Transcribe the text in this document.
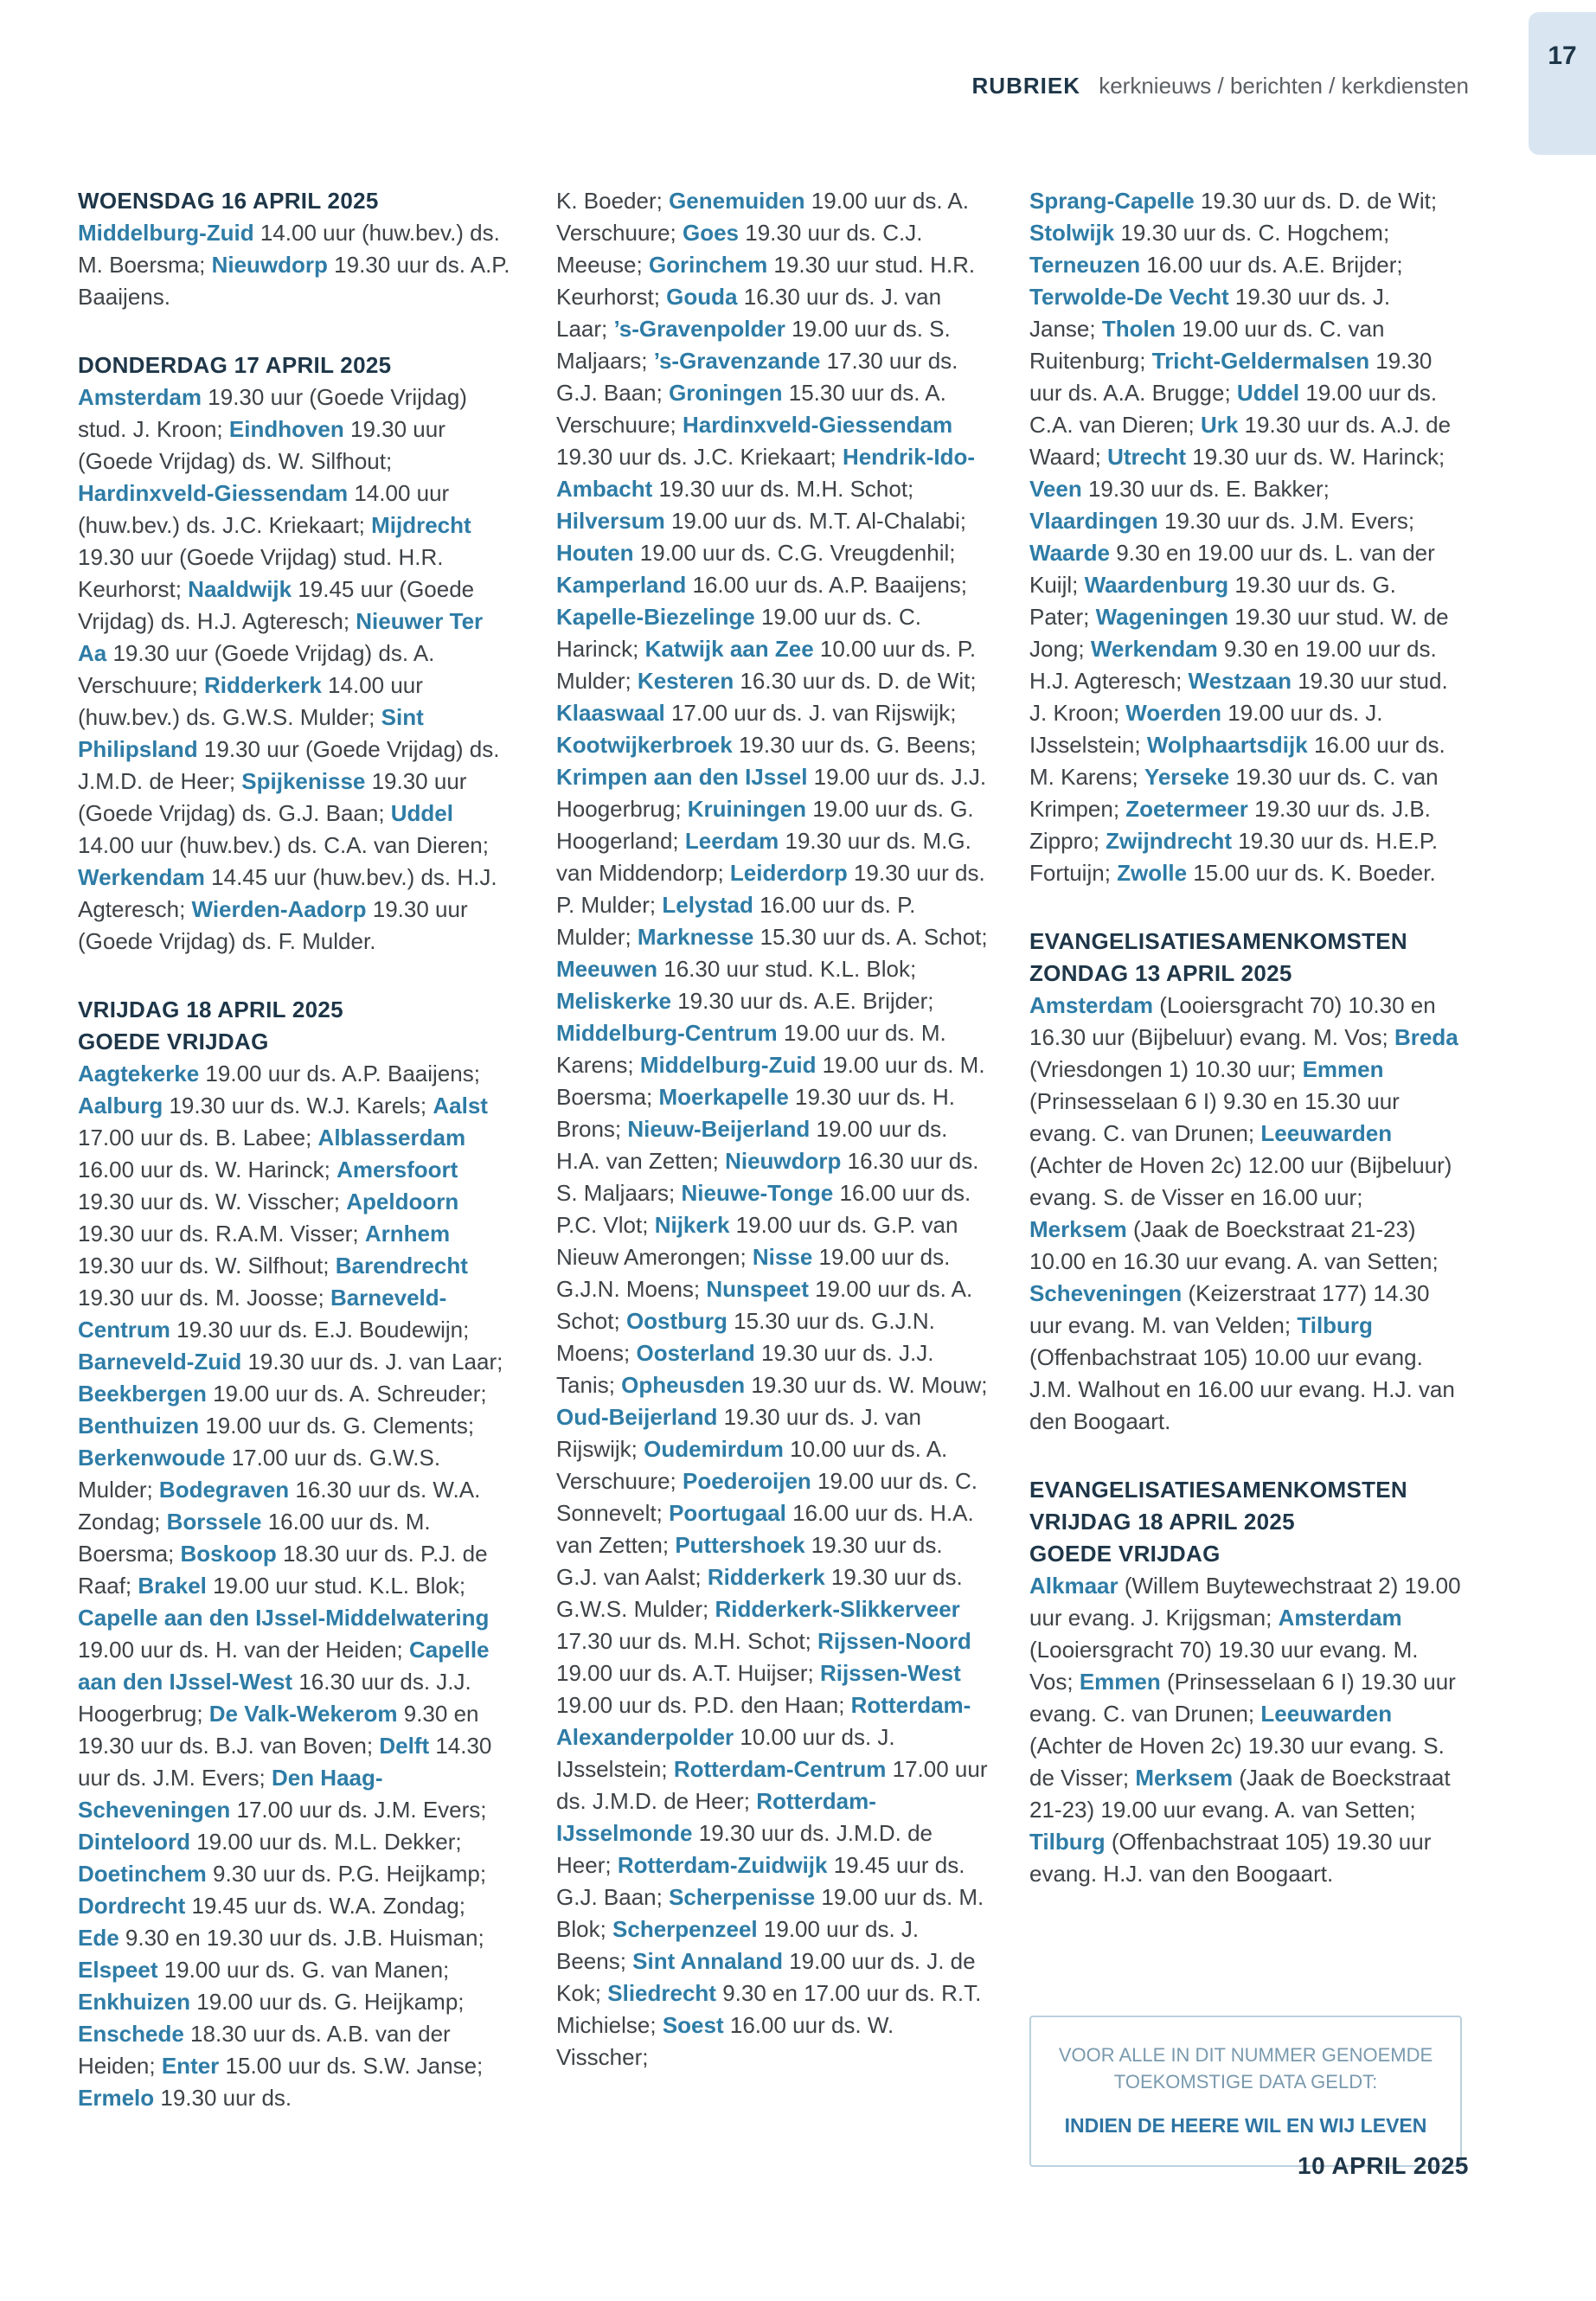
RUBRIEK kerknieuws / berichten / kerkdiensten
17
WOENSDAG 16 APRIL 2025

Middelburg-Zuid 14.00 uur (huw.bev.) ds. M. Boersma; Nieuwdorp 19.30 uur ds. A.P. Baaijens.

DONDERDAG 17 APRIL 2025

Amsterdam 19.30 uur (Goede Vrijdag) stud. J. Kroon; Eindhoven 19.30 uur (Goede Vrijdag) ds. W. Silfhout; Hardinxveld-Giessendam 14.00 uur (huw.bev.) ds. J.C. Kriekaart; Mijdrecht 19.30 uur (Goede Vrijdag) stud. H.R. Keurhorst; Naaldwijk 19.45 uur (Goede Vrijdag) ds. H.J. Agteresch; Nieuwer Ter Aa 19.30 uur (Goede Vrijdag) ds. A. Verschuure; Ridderkerk 14.00 uur (huw.bev.) ds. G.W.S. Mulder; Sint Philipsland 19.30 uur (Goede Vrijdag) ds. J.M.D. de Heer; Spijkenisse 19.30 uur (Goede Vrijdag) ds. G.J. Baan; Uddel 14.00 uur (huw.bev.) ds. C.A. van Dieren; Werkendam 14.45 uur (huw.bev.) ds. H.J. Agteresch; Wierden-Aadorp 19.30 uur (Goede Vrijdag) ds. F. Mulder.

VRIJDAG 18 APRIL 2025
GOEDE VRIJDAG

Aagtekerke 19.00 uur ds. A.P. Baaijens; Aalburg 19.30 uur ds. W.J. Karels; Aalst 17.00 uur ds. B. Labee; Alblasserdam 16.00 uur ds. W. Harinck; Amersfoort 19.30 uur ds. W. Visscher; Apeldoorn 19.30 uur ds. R.A.M. Visser; Arnhem 19.30 uur ds. W. Silfhout; Barendrecht 19.30 uur ds. M. Joosse; Barneveld-Centrum 19.30 uur ds. E.J. Boudewijn; Barneveld-Zuid 19.30 uur ds. J. van Laar; Beekbergen 19.00 uur ds. A. Schreuder; Benthuizen 19.00 uur ds. G. Clements; Berkenwoude 17.00 uur ds. G.W.S. Mulder; Bodegraven 16.30 uur ds. W.A. Zondag; Borssele 16.00 uur ds. M. Boersma; Boskoop 18.30 uur ds. P.J. de Raaf; Brakel 19.00 uur stud. K.L. Blok; Capelle aan den IJssel-Middelwatering 19.00 uur ds. H. van der Heiden; Capelle aan den IJssel-West 16.30 uur ds. J.J. Hoogerbrug; De Valk-Wekerom 9.30 en 19.30 uur ds. B.J. van Boven; Delft 14.30 uur ds. J.M. Evers; Den Haag-Scheveningen 17.00 uur ds. J.M. Evers; Dinteloord 19.00 uur ds. M.L. Dekker; Doetinchem 9.30 uur ds. P.G. Heijkamp; Dordrecht 19.45 uur ds. W.A. Zondag; Ede 9.30 en 19.30 uur ds. J.B. Huisman; Elspeet 19.00 uur ds. G. van Manen; Enkhuizen 19.00 uur ds. G. Heijkamp; Enschede 18.30 uur ds. A.B. van der Heiden; Enter 15.00 uur ds. S.W. Janse; Ermelo 19.30 uur ds.

K. Boeder; Genemuiden 19.00 uur ds. A. Verschuure; Goes 19.30 uur ds. C.J. Meeuse; Gorinchem 19.30 uur stud. H.R. Keurhorst; Gouda 16.30 uur ds. J. van Laar; ’s-Gravenpolder 19.00 uur ds. S. Maljaars; ’s-Gravenzande 17.30 uur ds. G.J. Baan; Groningen 15.30 uur ds. A. Verschuure; Hardinxveld-Giessendam 19.30 uur ds. J.C. Kriekaart; Hendrik-Ido-Ambacht 19.30 uur ds. M.H. Schot; Hilversum 19.00 uur ds. M.T. Al-Chalabi; Houten 19.00 uur ds. C.G. Vreugdenhil; Kamperland 16.00 uur ds. A.P. Baaijens; Kapelle-Biezelinge 19.00 uur ds. C. Harinck; Katwijk aan Zee 10.00 uur ds. P. Mulder; Kesteren 16.30 uur ds. D. de Wit; Klaaswaal 17.00 uur ds. J. van Rijswijk; Kootwijkerbroek 19.30 uur ds. G. Beens; Krimpen aan den IJssel 19.00 uur ds. J.J. Hoogerbrug; Kruiningen 19.00 uur ds. G. Hoogerland; Leerdam 19.30 uur ds. M.G. van Middendorp; Leiderdorp 19.30 uur ds. P. Mulder; Lelystad 16.00 uur ds. P. Mulder; Marknesse 15.30 uur ds. A. Schot; Meeuwen 16.30 uur stud. K.L. Blok; Meliskerke 19.30 uur ds. A.E. Brijder; Middelburg-Centrum 19.00 uur ds. M. Karens; Middelburg-Zuid 19.00 uur ds. M. Boersma; Moerkapelle 19.30 uur ds. H. Brons; Nieuw-Beijerland 19.00 uur ds. H.A. van Zetten; Nieuwdorp 16.30 uur ds. S. Maljaars; Nieuwe-Tonge 16.00 uur ds. P.C. Vlot; Nijkerk 19.00 uur ds. G.P. van Nieuw Amerongen; Nisse 19.00 uur ds. G.J.N. Moens; Nunspeet 19.00 uur ds. A. Schot; Oostburg 15.30 uur ds. G.J.N. Moens; Oosterland 19.30 uur ds. J.J. Tanis; Opheusden 19.30 uur ds. W. Mouw; Oud-Beijerland 19.30 uur ds. J. van Rijswijk; Oudemirdum 10.00 uur ds. A. Verschuure; Poederoijen 19.00 uur ds. C. Sonnevelt; Poortugaal 16.00 uur ds. H.A. van Zetten; Puttershoek 19.30 uur ds. G.J. van Aalst; Ridderkerk 19.30 uur ds. G.W.S. Mulder; Ridderkerk-Slikkerveer 17.30 uur ds. M.H. Schot; Rijssen-Noord 19.00 uur ds. A.T. Huijser; Rijssen-West 19.00 uur ds. P.D. den Haan; Rotterdam-Alexanderpolder 10.00 uur ds. J. IJsselstein; Rotterdam-Centrum 17.00 uur ds. J.M.D. de Heer; Rotterdam-IJsselmonde 19.30 uur ds. J.M.D. de Heer; Rotterdam-Zuidwijk 19.45 uur ds. G.J. Baan; Scherpenisse 19.00 uur ds. M. Blok; Scherpenzeel 19.00 uur ds. J. Beens; Sint Annaland 19.00 uur ds. J. de Kok; Sliedrecht 9.30 en 17.00 uur ds. R.T. Michielse; Soest 16.00 uur ds. W. Visscher;

Sprang-Capelle 19.30 uur ds. D. de Wit; Stolwijk 19.30 uur ds. C. Hogchem; Terneuzen 16.00 uur ds. A.E. Brijder; Terwolde-De Vecht 19.30 uur ds. J. Janse; Tholen 19.00 uur ds. C. van Ruitenburg; Tricht-Geldermalsen 19.30 uur ds. A.A. Brugge; Uddel 19.00 uur ds. C.A. van Dieren; Urk 19.30 uur ds. A.J. de Waard; Utrecht 19.30 uur ds. W. Harinck; Veen 19.30 uur ds. E. Bakker; Vlaardingen 19.30 uur ds. J.M. Evers; Waarde 9.30 en 19.00 uur ds. L. van der Kuijl; Waardenburg 19.30 uur ds. G. Pater; Wageningen 19.30 uur stud. W. de Jong; Werkendam 9.30 en 19.00 uur ds. H.J. Agteresch; Westzaan 19.30 uur stud. J. Kroon; Woerden 19.00 uur ds. J. IJsselstein; Wolphaartsdijk 16.00 uur ds. M. Karens; Yerseke 19.30 uur ds. C. van Krimpen; Zoetermeer 19.30 uur ds. J.B. Zippro; Zwijndrecht 19.30 uur ds. H.E.P. Fortuijn; Zwolle 15.00 uur ds. K. Boeder.

EVANGELISATIESAMENKOMSTEN
ZONDAG 13 APRIL 2025

Amsterdam (Looiersgracht 70) 10.30 en 16.30 uur (Bijbeluur) evang. M. Vos; Breda (Vriesdongen 1) 10.30 uur; Emmen (Prinsesselaan 6 I) 9.30 en 15.30 uur evang. C. van Drunen; Leeuwarden (Achter de Hoven 2c) 12.00 uur (Bijbeluur) evang. S. de Visser en 16.00 uur; Merksem (Jaak de Boeckstraat 21-23) 10.00 en 16.30 uur evang. A. van Setten; Scheveningen (Keizerstraat 177) 14.30 uur evang. M. van Velden; Tilburg (Offenbachstraat 105) 10.00 uur evang. J.M. Walhout en 16.00 uur evang. H.J. van den Boogaart.

EVANGELISATIESAMENKOMSTEN
VRIJDAG 18 APRIL 2025
GOEDE VRIJDAG

Alkmaar (Willem Buytewechstraat 2) 19.00 uur evang. J. Krijgsman; Amsterdam (Looiersgracht 70) 19.30 uur evang. M. Vos; Emmen (Prinsesselaan 6 I) 19.30 uur evang. C. van Drunen; Leeuwarden (Achter de Hoven 2c) 19.30 uur evang. S. de Visser; Merksem (Jaak de Boeckstraat 21-23) 19.00 uur evang. A. van Setten; Tilburg (Offenbachstraat 105) 19.30 uur evang. H.J. van den Boogaart.

VOOR ALLE IN DIT NUMMER GENOEMDE TOEKOMSTIGE DATA GELDT:
INDIEN DE HEERE WIL EN WIJ LEVEN
10 APRIL 2025
